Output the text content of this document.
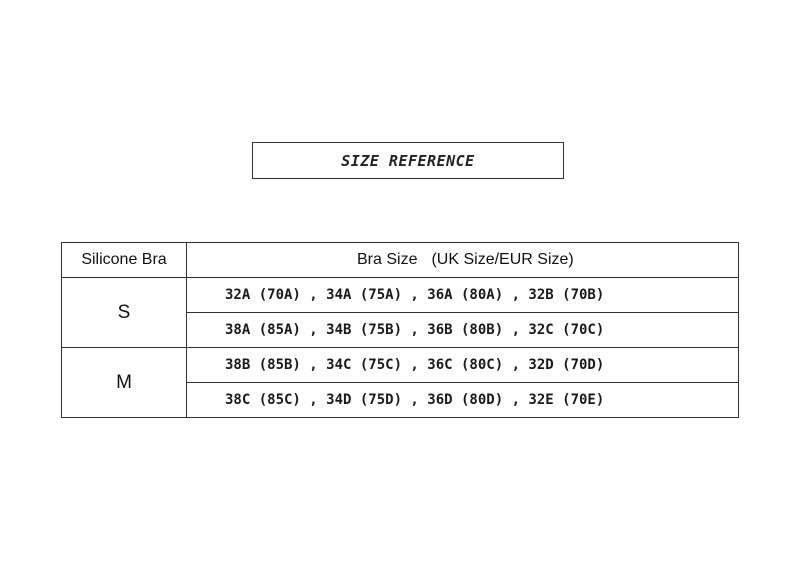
SIZE REFERENCE
Silicone Bra	Bra Size (UK Size/EUR Size)
S	32A (70A) , 34A (75A) , 36A (80A) , 32B (70B)
	38A (85A) , 34B (75B) , 36B (80B) , 32C (70C)
M	38B (85B) , 34C (75C) , 36C (80C) , 32D (70D)
	38C (85C) , 34D (75D) , 36D (80D) , 32E (70E)
